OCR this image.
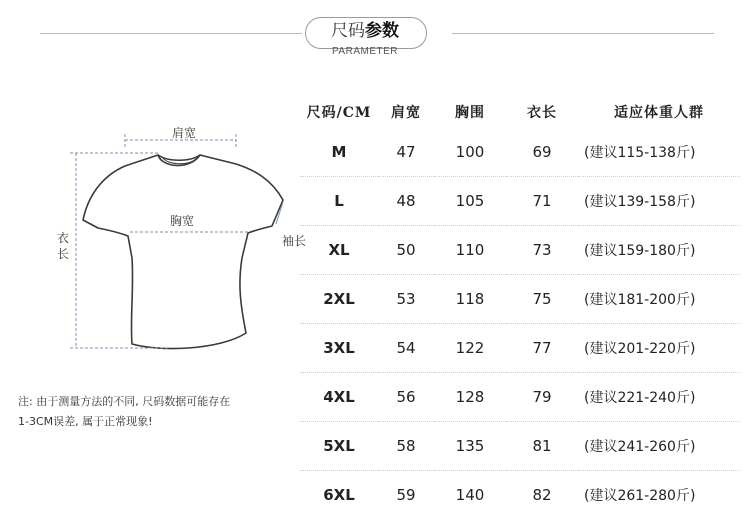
尺码参数
PARAMETER
肩宽
胸宽
袖长
衣长
注: 由于测量方法的不同, 尺码数据可能存在
1-3CM误差, 属于正常现象!
尺码/CM	肩宽	胸围	衣长	适应体重人群
M	47	100	69	(建议115-138斤)
L	48	105	71	(建议139-158斤)
XL	50	110	73	(建议159-180斤)
2XL	53	118	75	(建议181-200斤)
3XL	54	122	77	(建议201-220斤)
4XL	56	128	79	(建议221-240斤)
5XL	58	135	81	(建议241-260斤)
6XL	59	140	82	(建议261-280斤)
